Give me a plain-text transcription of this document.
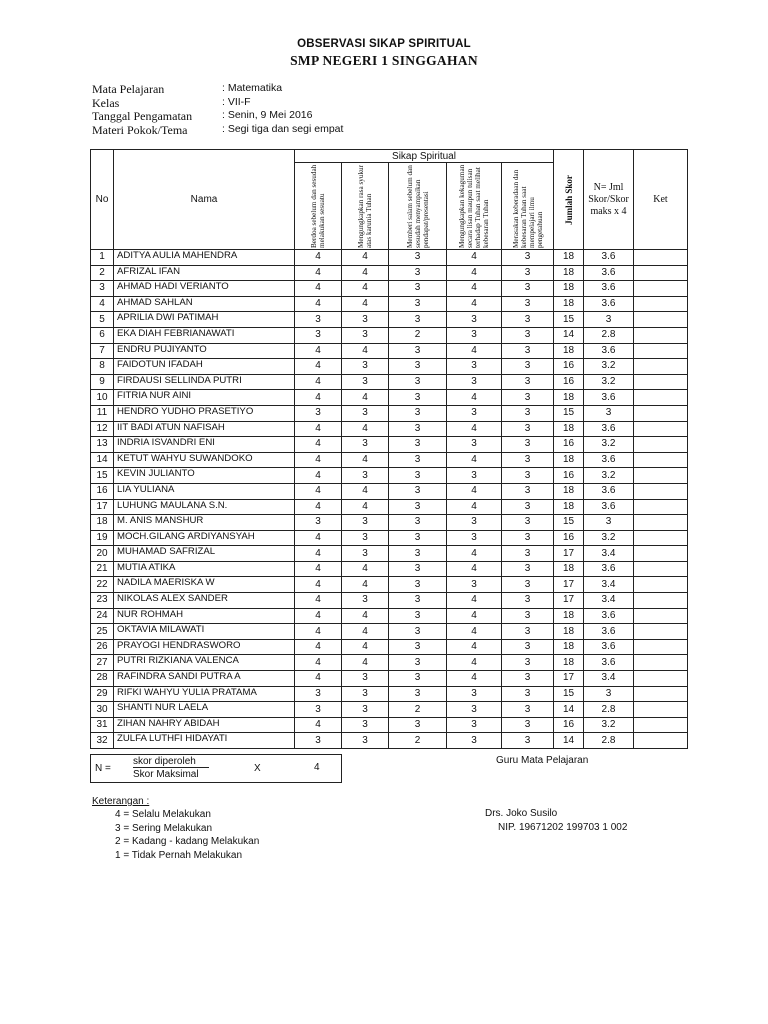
OBSERVASI SIKAP SPIRITUAL
SMP NEGERI 1 SINGGAHAN
Mata Pelajaran	: Matematika
Kelas	: VII-F
Tanggal Pengamatan	: Senin, 9 Mei 2016
Materi Pokok/Tema	: Segi tiga dan segi empat
No	Nama	Sikap Spiritual					Jumlah Skor	N= Jml Skor/Skor maks x 4	Ket

		Berdoa sebelum dan sesudah melakukan sesuatu	Mengungkapkan rasa syukur atas karunia Tuhan	Memberi salam sebelum dan sesudah menyampaikan pendapat/presentasi	Mengungkapkan kekaguman secara lisan maupun tulisan terhadap Tuhan saat melihat kebesaran Tuhan	Merasakan keberadaan dan kebesaran Tuhan saat mempelajari ilmu pengetahuan			

1	ADITYA AULIA MAHENDRA	4	4	3	4	3	18	3.6	
2	AFRIZAL IFAN	4	4	3	4	3	18	3.6	
3	AHMAD HADI VERIANTO	4	4	3	4	3	18	3.6	
4	AHMAD SAHLAN	4	4	3	4	3	18	3.6	
5	APRILIA DWI PATIMAH	3	3	3	3	3	15	3	
6	EKA DIAH FEBRIANAWATI	3	3	2	3	3	14	2.8	
7	ENDRU PUJIYANTO	4	4	3	4	3	18	3.6	
8	FAIDOTUN IFADAH	4	3	3	3	3	16	3.2	
9	FIRDAUSI SELLINDA PUTRI	4	3	3	3	3	16	3.2	
10	FITRIA NUR AINI	4	4	3	4	3	18	3.6	
11	HENDRO YUDHO PRASETIYO	3	3	3	3	3	15	3	
12	IIT BADI ATUN NAFISAH	4	4	3	4	3	18	3.6	
13	INDRIA ISVANDRI ENI	4	3	3	3	3	16	3.2	
14	KETUT WAHYU SUWANDOKO	4	4	3	4	3	18	3.6	
15	KEVIN JULIANTO	4	3	3	3	3	16	3.2	
16	LIA YULIANA	4	4	3	4	3	18	3.6	
17	LUHUNG MAULANA S.N.	4	4	3	4	3	18	3.6	
18	M. ANIS MANSHUR	3	3	3	3	3	15	3	
19	MOCH.GILANG ARDIYANSYAH	4	3	3	3	3	16	3.2	
20	MUHAMAD SAFRIZAL	4	3	3	4	3	17	3.4	
21	MUTIA ATIKA	4	4	3	4	3	18	3.6	
22	NADILA MAERISKA W	4	4	3	3	3	17	3.4	
23	NIKOLAS ALEX SANDER	4	3	3	4	3	17	3.4	
24	NUR ROHMAH	4	4	3	4	3	18	3.6	
25	OKTAVIA MILAWATI	4	4	3	4	3	18	3.6	
26	PRAYOGI HENDRASWORO	4	4	3	4	3	18	3.6	
27	PUTRI RIZKIANA VALENCA	4	4	3	4	3	18	3.6	
28	RAFINDRA SANDI PUTRA A	4	3	3	4	3	17	3.4	
29	RIFKI WAHYU YULIA PRATAMA	3	3	3	3	3	15	3	
30	SHANTI NUR LAELA	3	3	2	3	3	14	2.8	
31	ZIHAN NAHRY ABIDAH	4	3	3	3	3	16	3.2	
32	ZULFA LUTHFI HIDAYATI	3	3	2	3	3	14	2.8	
N =
skor diperoleh
Skor Maksimal
X	4
Guru Mata Pelajaran
Drs. Joko Susilo
NIP. 19671202 199703 1 002
Keterangan :
4 = Selalu Melakukan
3 = Sering Melakukan
2 = Kadang - kadang Melakukan
1 = Tidak Pernah Melakukan
